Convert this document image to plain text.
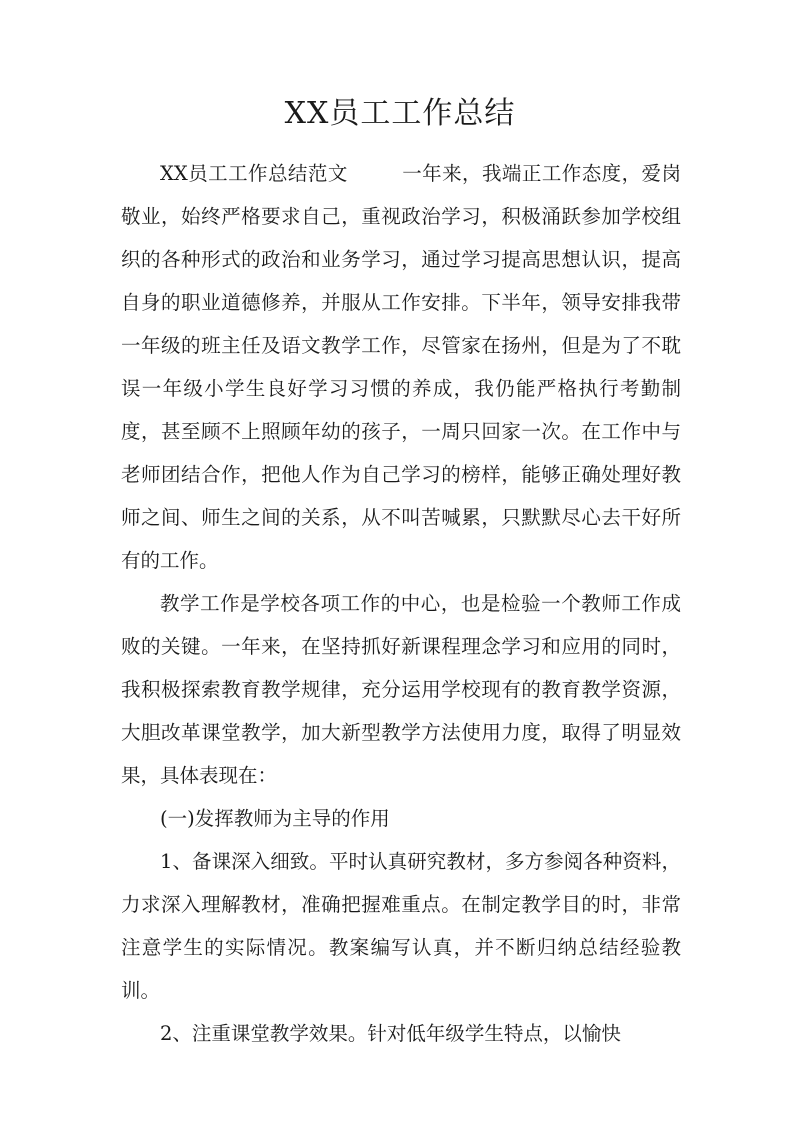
XX员工工作总结

XX员工工作总结范文	一年来，我端正工作态度，爱岗敬业，始终严格要求自己，重视政治学习，积极涌跃参加学校组织的各种形式的政治和业务学习，通过学习提高思想认识，提高自身的职业道德修养，并服从工作安排。下半年，领导安排我带一年级的班主任及语文教学工作，尽管家在扬州，但是为了不耽误一年级小学生良好学习习惯的养成，我仍能严格执行考勤制度，甚至顾不上照顾年幼的孩子，一周只回家一次。在工作中与老师团结合作，把他人作为自己学习的榜样，能够正确处理好教师之间、师生之间的关系，从不叫苦喊累，只默默尽心去干好所有的工作。

教学工作是学校各项工作的中心，也是检验一个教师工作成败的关键。一年来，在坚持抓好新课程理念学习和应用的同时，我积极探索教育教学规律，充分运用学校现有的教育教学资源，大胆改革课堂教学，加大新型教学方法使用力度，取得了明显效果，具体表现在：

(一)发挥教师为主导的作用

1、备课深入细致。平时认真研究教材，多方参阅各种资料，力求深入理解教材，准确把握难重点。在制定教学目的时，非常注意学生的实际情况。教案编写认真，并不断归纳总结经验教训。

2、注重课堂教学效果。针对低年级学生特点，以愉快
